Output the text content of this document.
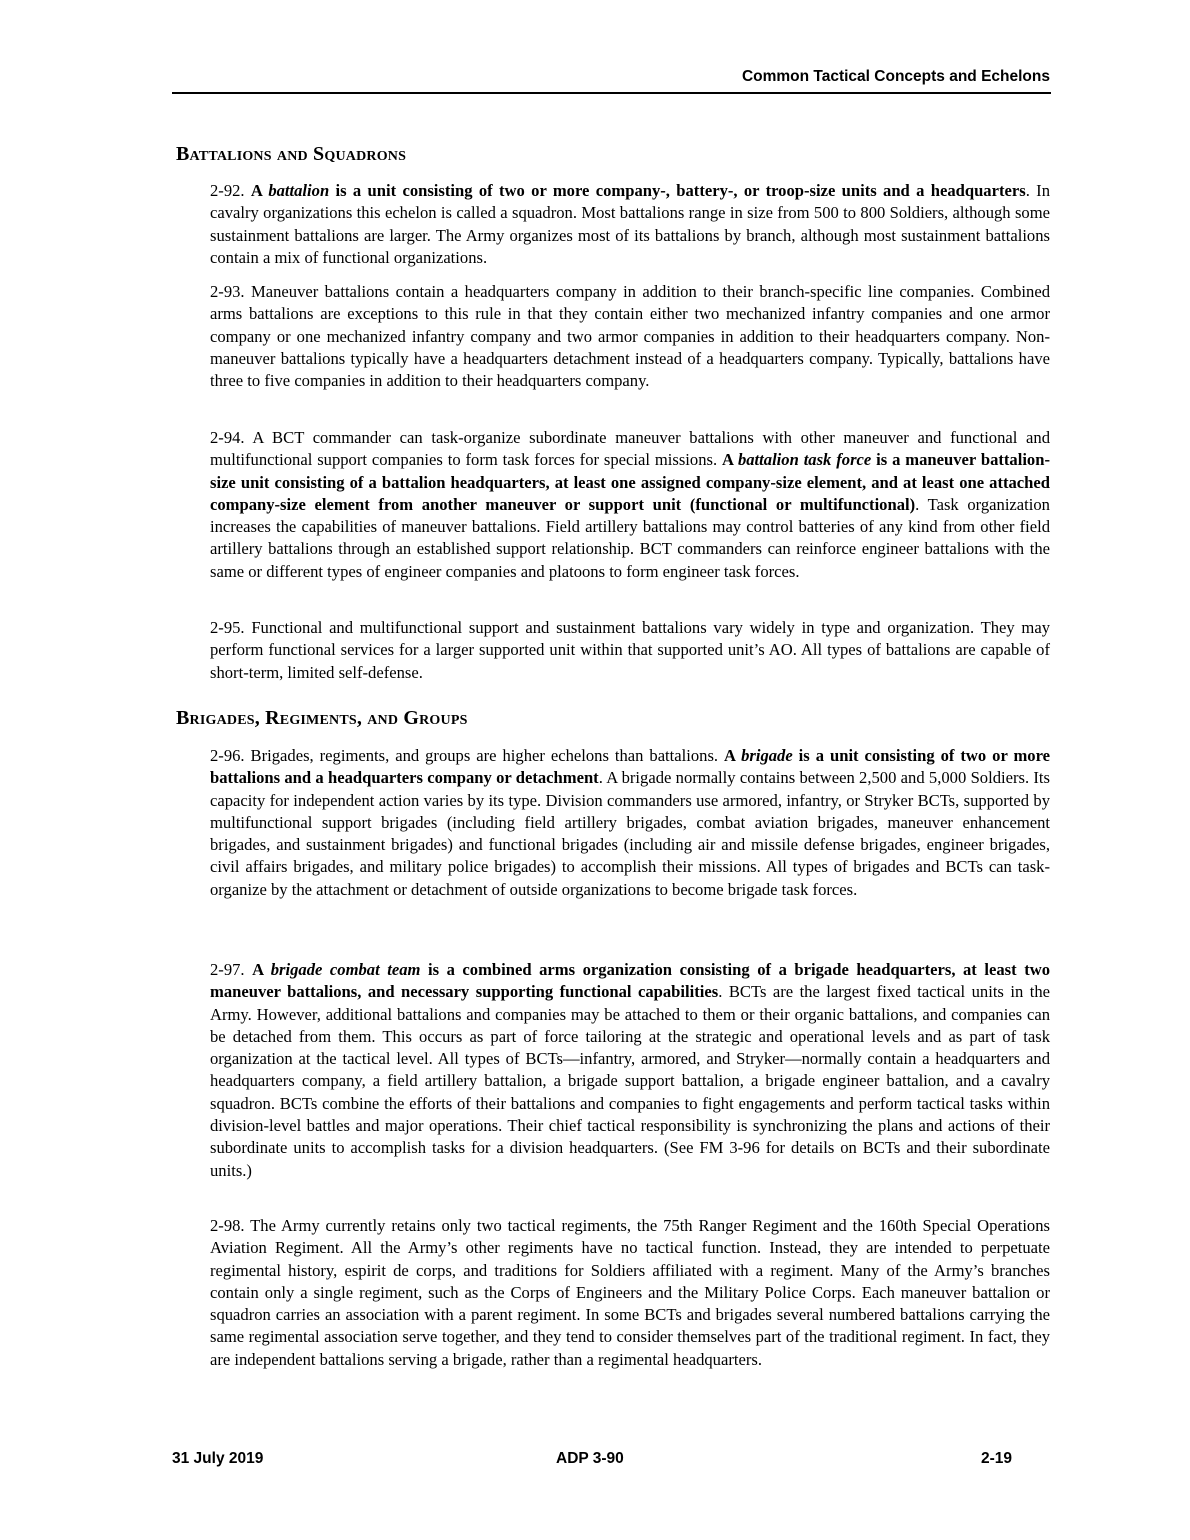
Common Tactical Concepts and Echelons
Battalions and Squadrons

2-92. A battalion is a unit consisting of two or more company-, battery-, or troop-size units and a headquarters. In cavalry organizations this echelon is called a squadron. Most battalions range in size from 500 to 800 Soldiers, although some sustainment battalions are larger. The Army organizes most of its battalions by branch, although most sustainment battalions contain a mix of functional organizations.

2-93. Maneuver battalions contain a headquarters company in addition to their branch-specific line companies. Combined arms battalions are exceptions to this rule in that they contain either two mechanized infantry companies and one armor company or one mechanized infantry company and two armor companies in addition to their headquarters company. Non-maneuver battalions typically have a headquarters detachment instead of a headquarters company. Typically, battalions have three to five companies in addition to their headquarters company.

2-94. A BCT commander can task-organize subordinate maneuver battalions with other maneuver and functional and multifunctional support companies to form task forces for special missions. A battalion task force is a maneuver battalion-size unit consisting of a battalion headquarters, at least one assigned company-size element, and at least one attached company-size element from another maneuver or support unit (functional or multifunctional). Task organization increases the capabilities of maneuver battalions. Field artillery battalions may control batteries of any kind from other field artillery battalions through an established support relationship. BCT commanders can reinforce engineer battalions with the same or different types of engineer companies and platoons to form engineer task forces.

2-95. Functional and multifunctional support and sustainment battalions vary widely in type and organization. They may perform functional services for a larger supported unit within that supported unit’s AO. All types of battalions are capable of short-term, limited self-defense.

Brigades, Regiments, and Groups

2-96. Brigades, regiments, and groups are higher echelons than battalions. A brigade is a unit consisting of two or more battalions and a headquarters company or detachment. A brigade normally contains between 2,500 and 5,000 Soldiers. Its capacity for independent action varies by its type. Division commanders use armored, infantry, or Stryker BCTs, supported by multifunctional support brigades (including field artillery brigades, combat aviation brigades, maneuver enhancement brigades, and sustainment brigades) and functional brigades (including air and missile defense brigades, engineer brigades, civil affairs brigades, and military police brigades) to accomplish their missions. All types of brigades and BCTs can task-organize by the attachment or detachment of outside organizations to become brigade task forces.

2-97. A brigade combat team is a combined arms organization consisting of a brigade headquarters, at least two maneuver battalions, and necessary supporting functional capabilities. BCTs are the largest fixed tactical units in the Army. However, additional battalions and companies may be attached to them or their organic battalions, and companies can be detached from them. This occurs as part of force tailoring at the strategic and operational levels and as part of task organization at the tactical level. All types of BCTs—infantry, armored, and Stryker—normally contain a headquarters and headquarters company, a field artillery battalion, a brigade support battalion, a brigade engineer battalion, and a cavalry squadron. BCTs combine the efforts of their battalions and companies to fight engagements and perform tactical tasks within division-level battles and major operations. Their chief tactical responsibility is synchronizing the plans and actions of their subordinate units to accomplish tasks for a division headquarters. (See FM 3-96 for details on BCTs and their subordinate units.)

2-98. The Army currently retains only two tactical regiments, the 75th Ranger Regiment and the 160th Special Operations Aviation Regiment. All the Army’s other regiments have no tactical function. Instead, they are intended to perpetuate regimental history, espirit de corps, and traditions for Soldiers affiliated with a regiment. Many of the Army’s branches contain only a single regiment, such as the Corps of Engineers and the Military Police Corps. Each maneuver battalion or squadron carries an association with a parent regiment. In some BCTs and brigades several numbered battalions carrying the same regimental association serve together, and they tend to consider themselves part of the traditional regiment. In fact, they are independent battalions serving a brigade, rather than a regimental headquarters.

31 July 2019	ADP 3-90	2-19
